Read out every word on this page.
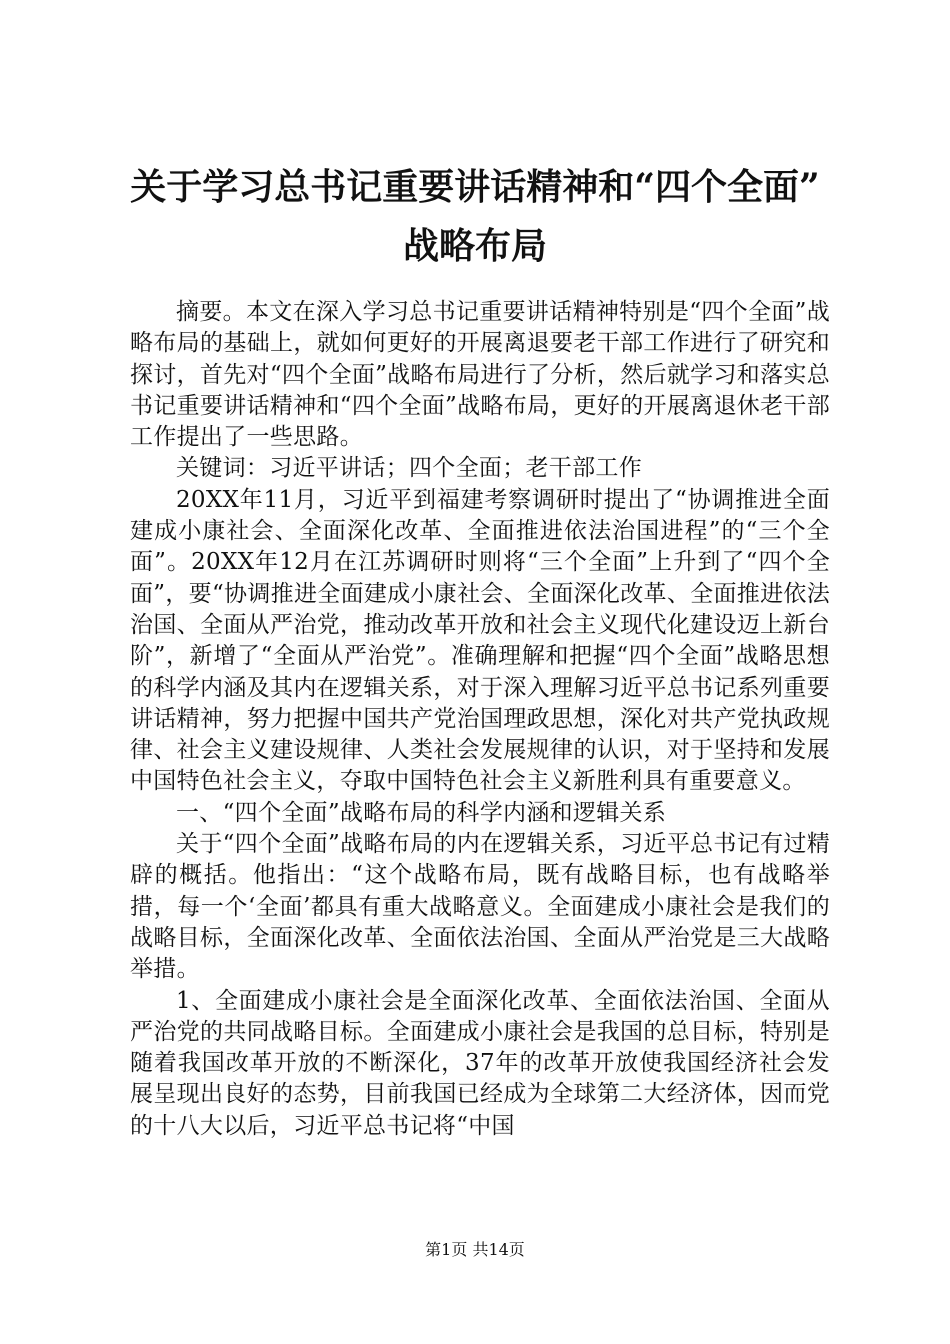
关于学习总书记重要讲话精神和“四个全面”
战略布局

摘要。本文在深入学习总书记重要讲话精神特别是“四个全面”战略布局的基础上，就如何更好的开展离退要老干部工作进行了研究和探讨，首先对“四个全面”战略布局进行了分析，然后就学习和落实总书记重要讲话精神和“四个全面”战略布局，更好的开展离退休老干部工作提出了一些思路。

关键词：习近平讲话；四个全面；老干部工作

20XX年11月，习近平到福建考察调研时提出了“协调推进全面建成小康社会、全面深化改革、全面推进依法治国进程”的“三个全面”。20XX年12月在江苏调研时则将“三个全面”上升到了“四个全面”，要“协调推进全面建成小康社会、全面深化改革、全面推进依法治国、全面从严治党，推动改革开放和社会主义现代化建设迈上新台阶”，新增了“全面从严治党”。准确理解和把握“四个全面”战略思想的科学内涵及其内在逻辑关系，对于深入理解习近平总书记系列重要讲话精神，努力把握中国共产党治国理政思想，深化对共产党执政规律、社会主义建设规律、人类社会发展规律的认识，对于坚持和发展中国特色社会主义，夺取中国特色社会主义新胜利具有重要意义。

一、“四个全面”战略布局的科学内涵和逻辑关系

关于“四个全面”战略布局的内在逻辑关系，习近平总书记有过精辟的概括。他指出：“这个战略布局，既有战略目标，也有战略举措，每一个‘全面’都具有重大战略意义。全面建成小康社会是我们的战略目标，全面深化改革、全面依法治国、全面从严治党是三大战略举措。

1、全面建成小康社会是全面深化改革、全面依法治国、全面从严治党的共同战略目标。全面建成小康社会是我国的总目标，特别是随着我国改革开放的不断深化，37年的改革开放使我国经济社会发展呈现出良好的态势，目前我国已经成为全球第二大经济体，因而党的十八大以后，习近平总书记将“中国

第1页 共14页
